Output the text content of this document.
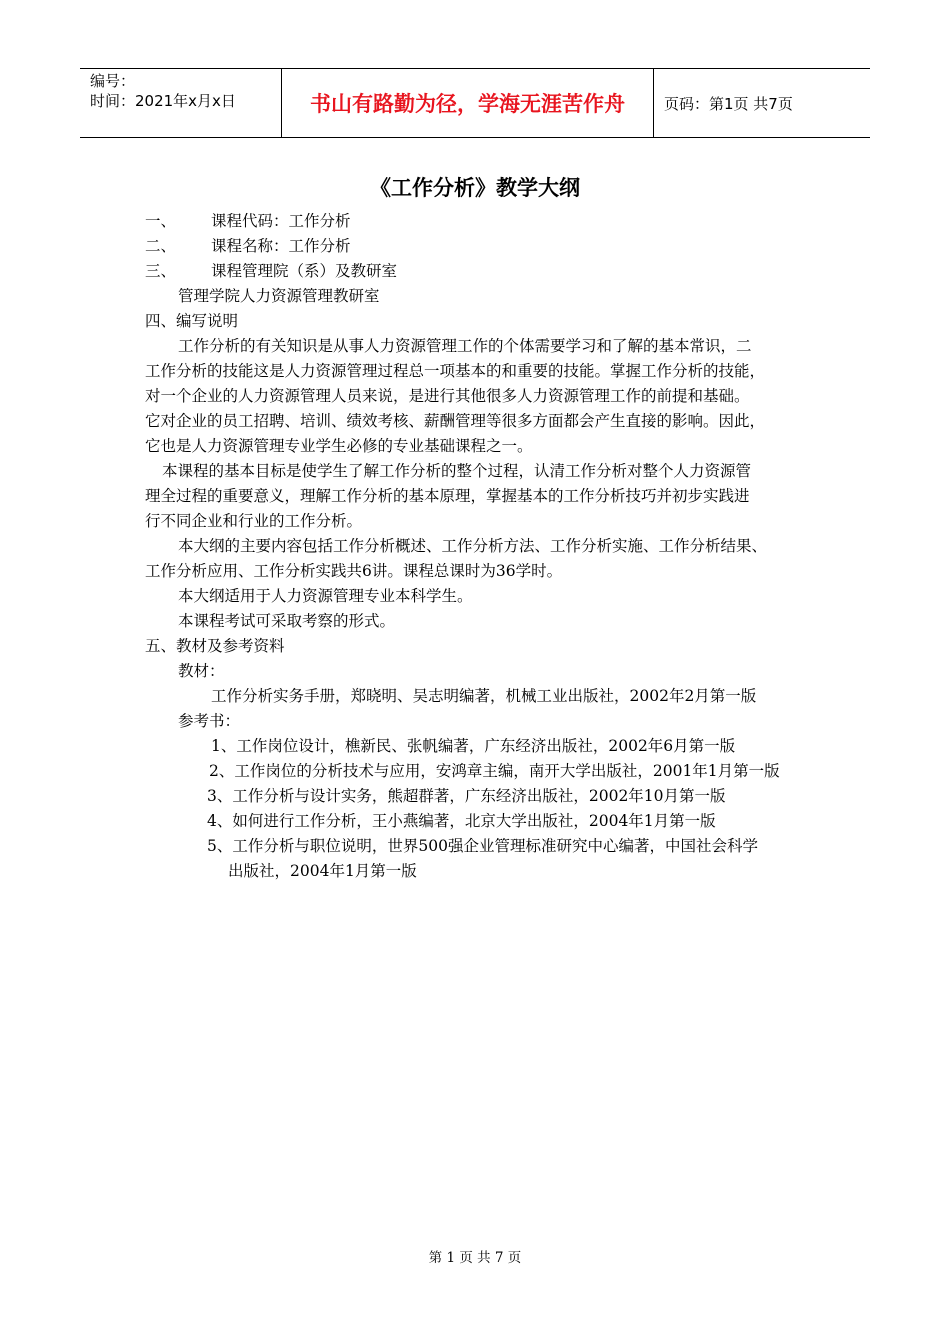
编号：
时间：2021年x月x日	书山有路勤为径，学海无涯苦作舟	页码：第1页 共7页
《工作分析》教学大纲
一、 课程代码：工作分析
二、 课程名称：工作分析
三、 课程管理院（系）及教研室
管理学院人力资源管理教研室
四、编写说明
工作分析的有关知识是从事人力资源管理工作的个体需要学习和了解的基本常识，二
工作分析的技能这是人力资源管理过程总一项基本的和重要的技能。掌握工作分析的技能，
对一个企业的人力资源管理人员来说，是进行其他很多人力资源管理工作的前提和基础。
它对企业的员工招聘、培训、绩效考核、薪酬管理等很多方面都会产生直接的影响。因此，
它也是人力资源管理专业学生必修的专业基础课程之一。
本课程的基本目标是使学生了解工作分析的整个过程，认清工作分析对整个人力资源管
理全过程的重要意义，理解工作分析的基本原理，掌握基本的工作分析技巧并初步实践进
行不同企业和行业的工作分析。
本大纲的主要内容包括工作分析概述、工作分析方法、工作分析实施、工作分析结果、
工作分析应用、工作分析实践共6讲。课程总课时为36学时。
本大纲适用于人力资源管理专业本科学生。
本课程考试可采取考察的形式。
五、教材及参考资料
教材：
工作分析实务手册，郑晓明、吴志明编著，机械工业出版社，2002年2月第一版
参考书：
1、工作岗位设计，樵新民、张帆编著，广东经济出版社，2002年6月第一版
2、工作岗位的分析技术与应用，安鸿章主编，南开大学出版社，2001年1月第一版
3、工作分析与设计实务，熊超群著，广东经济出版社，2002年10月第一版
4、如何进行工作分析，王小燕编著，北京大学出版社，2004年1月第一版
5、工作分析与职位说明，世界500强企业管理标准研究中心编著，中国社会科学
出版社，2004年1月第一版
第 1 页 共 7 页
